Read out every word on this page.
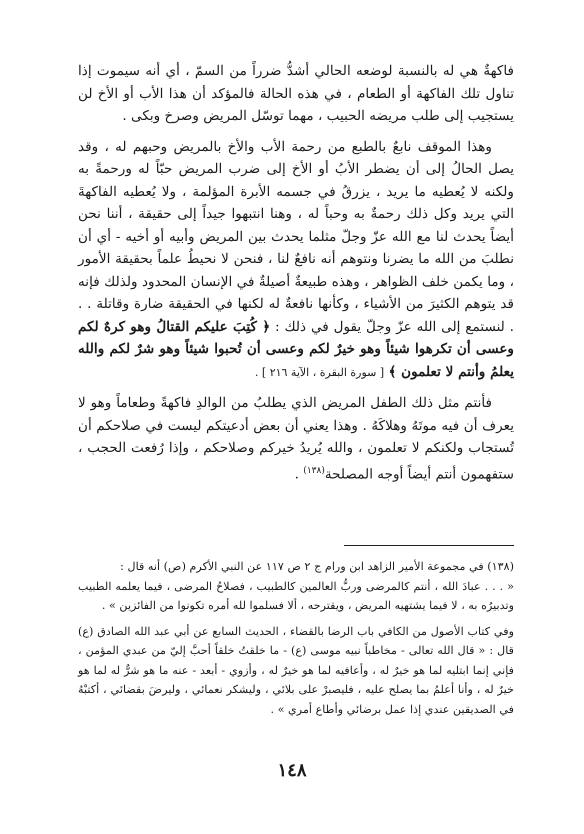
فاكهةٌ هي له بالنسبة لوضعه الحالي أشدُّ ضرراً من السمّ ، أي أنه سيموت إذا تناول تلك الفاكهة أو الطعام ، في هذه الحالة فالمؤكد أن هذا الأب أو الأخ لن يستجيب إلى طلب مريضه الحبيب ، مهما توسّل المريض وصرخ وبكى .

وهذا الموقف نابعٌ بالطبع من رحمة الأب والأخ بالمريض وحبهم له ، وقد يصل الحالُ إلى أن يضطر الأبُ أو الأخ إلى ضرب المريض حبّاً له ورحمةً به ولكنه لا يُعطيه ما يريد ، يزرقُ في جسمه الأبرة المؤلمة ، ولا يُعطيه الفاكهةَ التي يريد وكل ذلك رحمةٌ به وحباً له ، وهنا انتبهوا جيداً إلى حقيقة ، أننا نحن أيضاً يحدث لنا مع الله عزّ وجلّ مثلما يحدث بين المريض وأبيه أو أخيه - أي أن نطلبَ من الله ما يضرنا ونتوهم أنه نافعٌ لنا ، فنحن لا نحيطُ علماً بحقيقة الأمور ، وما يكمن خلف الظواهر ، وهذه طبيعةٌ أصيلةٌ في الإنسان المحدود ولذلك فإنه قد يتوهم الكثيرَ من الأشياء ، وكأنها نافعةٌ له لكنها في الحقيقة ضارة وقاتلة . . . لنستمع إلى الله عزّ وجلّ يقول في ذلك : ﴿ كُتِبَ عليكم القتالُ وهو كرهٌ لكم وعسى أن تكرهوا شيئاً وهو خيرٌ لكم وعسى أن تُحبوا شيئاً وهو شرٌ لكم والله يعلمُ وأنتم لا تعلمون ﴾ [ سورة البقرة ، الآية ٢١٦ ] .

فأنتم مثل ذلك الطفل المريض الذي يطلبُ من الوالدِ فاكهةً وطعاماً وهو لا يعرف أن فيه موتَهُ وهلاكَهُ . وهذا يعني أن بعض أدعيتكم ليست في صلاحكم أن تُستجاب ولكنكم لا تعلمون ، والله يُريدُ خيركم وصلاحكم ، وإذا رُفعت الحجب ، ستفهمون أنتم أيضاً أوجه المصلحة$^{(١٣٨)}$ .

(١٣٨) في مجموعة الأمير الزاهد ابن ورام ج ٢ ص ١١٧ عن النبي الأكرم (ص) أنه قال :

« . . . عبادَ الله ، أنتم كالمرضى وربُّ العالمين كالطبيب ، فصلاحُ المرضى ، فيما يعلمه الطبيب وتدبيرُه به ، لا فيما يشتهيه المريض ، ويقترحه ، ألا فسلموا لله أمره تكونوا من الفائزين » .

وفي كتاب الأصول من الكافي باب الرضا بالقضاء ، الحديث السابع عن أبي عبد الله الصادق (ع) قال : « قال الله تعالى - مخاطباً نبيه موسى (ع) - ما خلقتُ خلقاً أحبَّ إليّ من عبدي المؤمن ، فإني إنما ابتليه لما هو خيرٌ له ، وأعافيه لما هو خيرٌ له ، وأزوي - أبعد - عنه ما هو شرٌّ له لما هو خيرٌ له ، وأنا أعلمُ بما يصلح عليه ، فليصبرْ على بلائي ، وليشكر نعمائي ، وليرضَ بقضائي ، أكتبْهُ في الصديقين عندي إذا عمل برضائي وأطاع أمري » .

١٤٨
